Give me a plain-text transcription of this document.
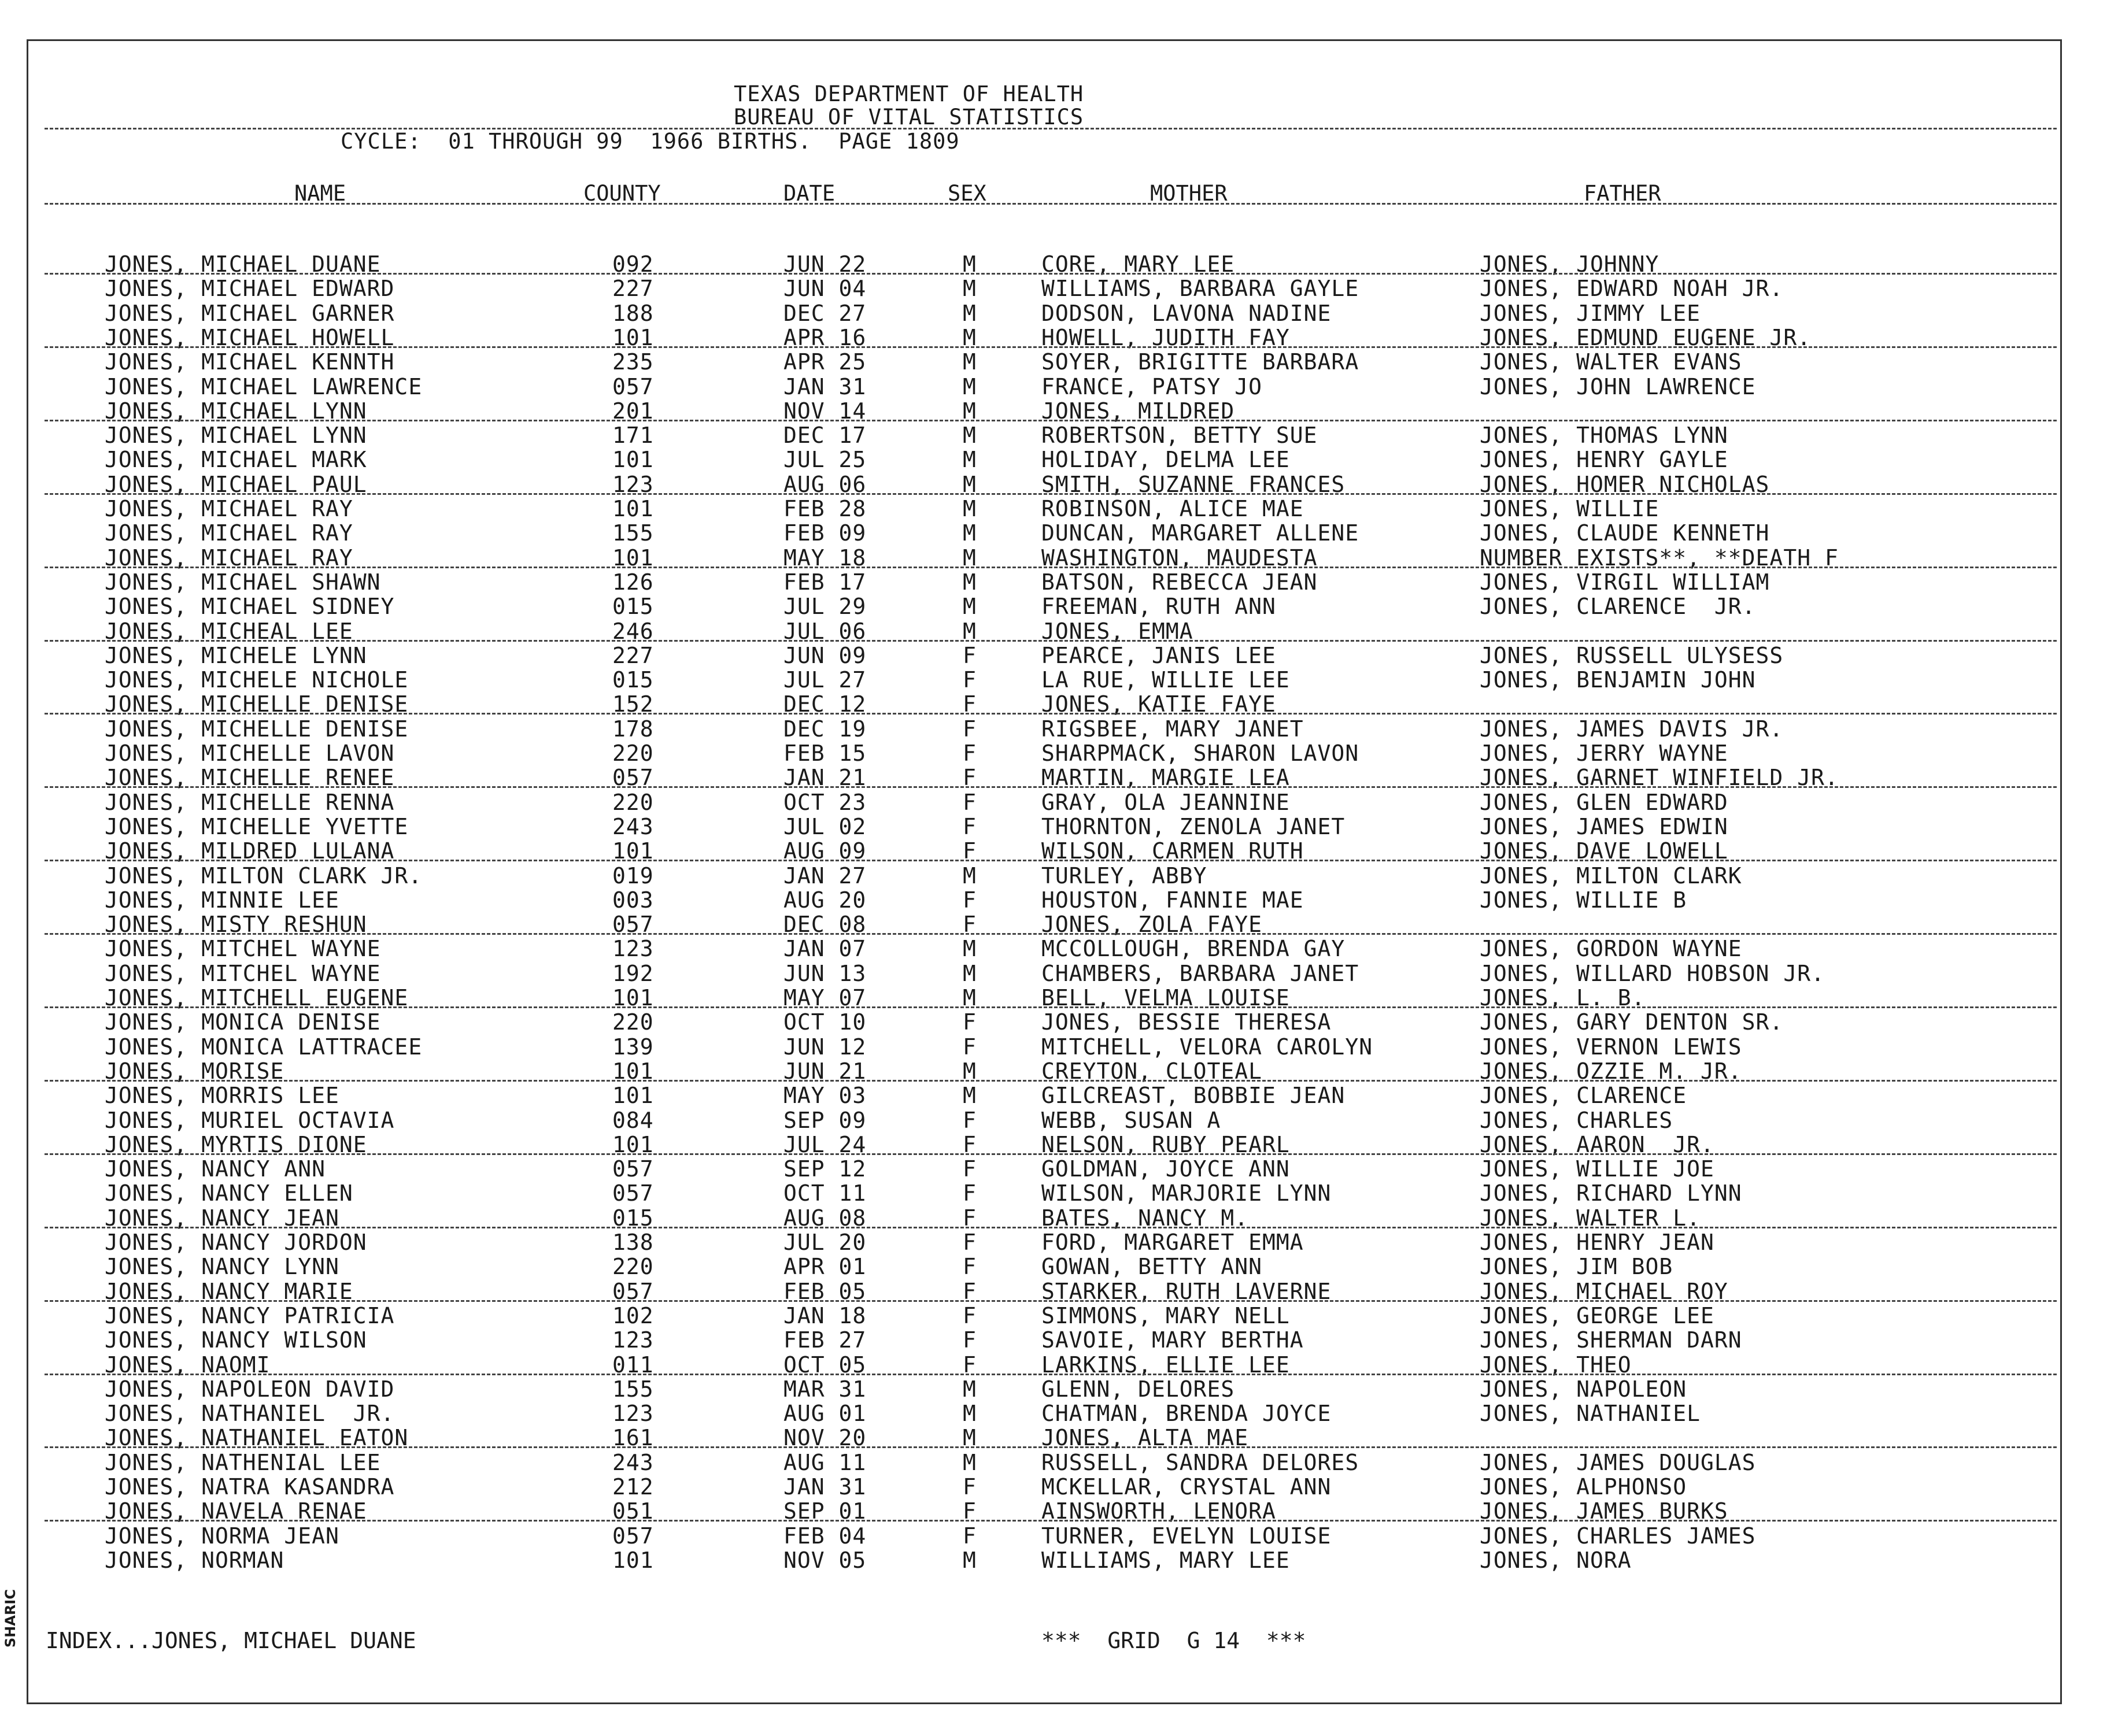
SHARIC
TEXAS DEPARTMENT OF HEALTH
BUREAU OF VITAL STATISTICS
CYCLE:  01 THROUGH 99  1966 BIRTHS.  PAGE 1809
NAME	COUNTY	DATE	SEX	MOTHER	FATHER
JONES, MICHAEL DUANE	092	JUN 22	M	CORE, MARY LEE	JONES, JOHNNY
JONES, MICHAEL EDWARD	227	JUN 04	M	WILLIAMS, BARBARA GAYLE	JONES, EDWARD NOAH JR.
JONES, MICHAEL GARNER	188	DEC 27	M	DODSON, LAVONA NADINE	JONES, JIMMY LEE
JONES, MICHAEL HOWELL	101	APR 16	M	HOWELL, JUDITH FAY	JONES, EDMUND EUGENE JR.
JONES, MICHAEL KENNTH	235	APR 25	M	SOYER, BRIGITTE BARBARA	JONES, WALTER EVANS
JONES, MICHAEL LAWRENCE	057	JAN 31	M	FRANCE, PATSY JO	JONES, JOHN LAWRENCE
JONES, MICHAEL LYNN	201	NOV 14	M	JONES, MILDRED
JONES, MICHAEL LYNN	171	DEC 17	M	ROBERTSON, BETTY SUE	JONES, THOMAS LYNN
JONES, MICHAEL MARK	101	JUL 25	M	HOLIDAY, DELMA LEE	JONES, HENRY GAYLE
JONES, MICHAEL PAUL	123	AUG 06	M	SMITH, SUZANNE FRANCES	JONES, HOMER NICHOLAS
JONES, MICHAEL RAY	101	FEB 28	M	ROBINSON, ALICE MAE	JONES, WILLIE
JONES, MICHAEL RAY	155	FEB 09	M	DUNCAN, MARGARET ALLENE	JONES, CLAUDE KENNETH
JONES, MICHAEL RAY	101	MAY 18	M	WASHINGTON, MAUDESTA	NUMBER EXISTS**, **DEATH F
JONES, MICHAEL SHAWN	126	FEB 17	M	BATSON, REBECCA JEAN	JONES, VIRGIL WILLIAM
JONES, MICHAEL SIDNEY	015	JUL 29	M	FREEMAN, RUTH ANN	JONES, CLARENCE  JR.
JONES, MICHEAL LEE	246	JUL 06	M	JONES, EMMA
JONES, MICHELE LYNN	227	JUN 09	F	PEARCE, JANIS LEE	JONES, RUSSELL ULYSESS
JONES, MICHELE NICHOLE	015	JUL 27	F	LA RUE, WILLIE LEE	JONES, BENJAMIN JOHN
JONES, MICHELLE DENISE	152	DEC 12	F	JONES, KATIE FAYE
JONES, MICHELLE DENISE	178	DEC 19	F	RIGSBEE, MARY JANET	JONES, JAMES DAVIS JR.
JONES, MICHELLE LAVON	220	FEB 15	F	SHARPMACK, SHARON LAVON	JONES, JERRY WAYNE
JONES, MICHELLE RENEE	057	JAN 21	F	MARTIN, MARGIE LEA	JONES, GARNET WINFIELD JR.
JONES, MICHELLE RENNA	220	OCT 23	F	GRAY, OLA JEANNINE	JONES, GLEN EDWARD
JONES, MICHELLE YVETTE	243	JUL 02	F	THORNTON, ZENOLA JANET	JONES, JAMES EDWIN
JONES, MILDRED LULANA	101	AUG 09	F	WILSON, CARMEN RUTH	JONES, DAVE LOWELL
JONES, MILTON CLARK JR.	019	JAN 27	M	TURLEY, ABBY	JONES, MILTON CLARK
JONES, MINNIE LEE	003	AUG 20	F	HOUSTON, FANNIE MAE	JONES, WILLIE B
JONES, MISTY RESHUN	057	DEC 08	F	JONES, ZOLA FAYE
JONES, MITCHEL WAYNE	123	JAN 07	M	MCCOLLOUGH, BRENDA GAY	JONES, GORDON WAYNE
JONES, MITCHEL WAYNE	192	JUN 13	M	CHAMBERS, BARBARA JANET	JONES, WILLARD HOBSON JR.
JONES, MITCHELL EUGENE	101	MAY 07	M	BELL, VELMA LOUISE	JONES, L. B.
JONES, MONICA DENISE	220	OCT 10	F	JONES, BESSIE THERESA	JONES, GARY DENTON SR.
JONES, MONICA LATTRACEE	139	JUN 12	F	MITCHELL, VELORA CAROLYN	JONES, VERNON LEWIS
JONES, MORISE	101	JUN 21	M	CREYTON, CLOTEAL	JONES, OZZIE M. JR.
JONES, MORRIS LEE	101	MAY 03	M	GILCREAST, BOBBIE JEAN	JONES, CLARENCE
JONES, MURIEL OCTAVIA	084	SEP 09	F	WEBB, SUSAN A	JONES, CHARLES
JONES, MYRTIS DIONE	101	JUL 24	F	NELSON, RUBY PEARL	JONES, AARON  JR.
JONES, NANCY ANN	057	SEP 12	F	GOLDMAN, JOYCE ANN	JONES, WILLIE JOE
JONES, NANCY ELLEN	057	OCT 11	F	WILSON, MARJORIE LYNN	JONES, RICHARD LYNN
JONES, NANCY JEAN	015	AUG 08	F	BATES, NANCY M.	JONES, WALTER L.
JONES, NANCY JORDON	138	JUL 20	F	FORD, MARGARET EMMA	JONES, HENRY JEAN
JONES, NANCY LYNN	220	APR 01	F	GOWAN, BETTY ANN	JONES, JIM BOB
JONES, NANCY MARIE	057	FEB 05	F	STARKER, RUTH LAVERNE	JONES, MICHAEL ROY
JONES, NANCY PATRICIA	102	JAN 18	F	SIMMONS, MARY NELL	JONES, GEORGE LEE
JONES, NANCY WILSON	123	FEB 27	F	SAVOIE, MARY BERTHA	JONES, SHERMAN DARN
JONES, NAOMI	011	OCT 05	F	LARKINS, ELLIE LEE	JONES, THEO
JONES, NAPOLEON DAVID	155	MAR 31	M	GLENN, DELORES	JONES, NAPOLEON
JONES, NATHANIEL  JR.	123	AUG 01	M	CHATMAN, BRENDA JOYCE	JONES, NATHANIEL
JONES, NATHANIEL EATON	161	NOV 20	M	JONES, ALTA MAE
JONES, NATHENIAL LEE	243	AUG 11	M	RUSSELL, SANDRA DELORES	JONES, JAMES DOUGLAS
JONES, NATRA KASANDRA	212	JAN 31	F	MCKELLAR, CRYSTAL ANN	JONES, ALPHONSO
JONES, NAVELA RENAE	051	SEP 01	F	AINSWORTH, LENORA	JONES, JAMES BURKS
JONES, NORMA JEAN	057	FEB 04	F	TURNER, EVELYN LOUISE	JONES, CHARLES JAMES
JONES, NORMAN	101	NOV 05	M	WILLIAMS, MARY LEE	JONES, NORA
INDEX...JONES, MICHAEL DUANE	***  GRID  G 14  ***
